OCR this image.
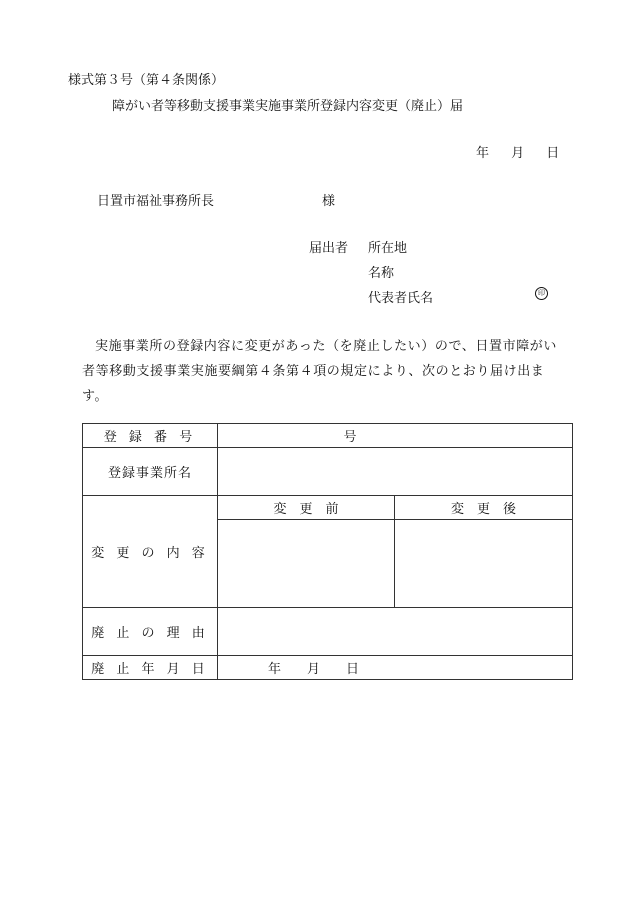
様式第３号（第４条関係）
障がい者等移動支援事業実施事業所登録内容変更（廃止）届
年 月 日
日置市福祉事務所長	様
届出者 所在地
名称
代表者氏名	印
実施事業所の登録内容に変更があった（を廃止したい）ので、日置市障がい者等移動支援事業実施要綱第４条第４項の規定により、次のとおり届け出ます。
登 録 番 号	号	
登録事業所名		
変 更 の 内 容	変　更　前	変　更　後

廃 止 の 理 由		
廃 止 年 月 日	年　　月　　日	
